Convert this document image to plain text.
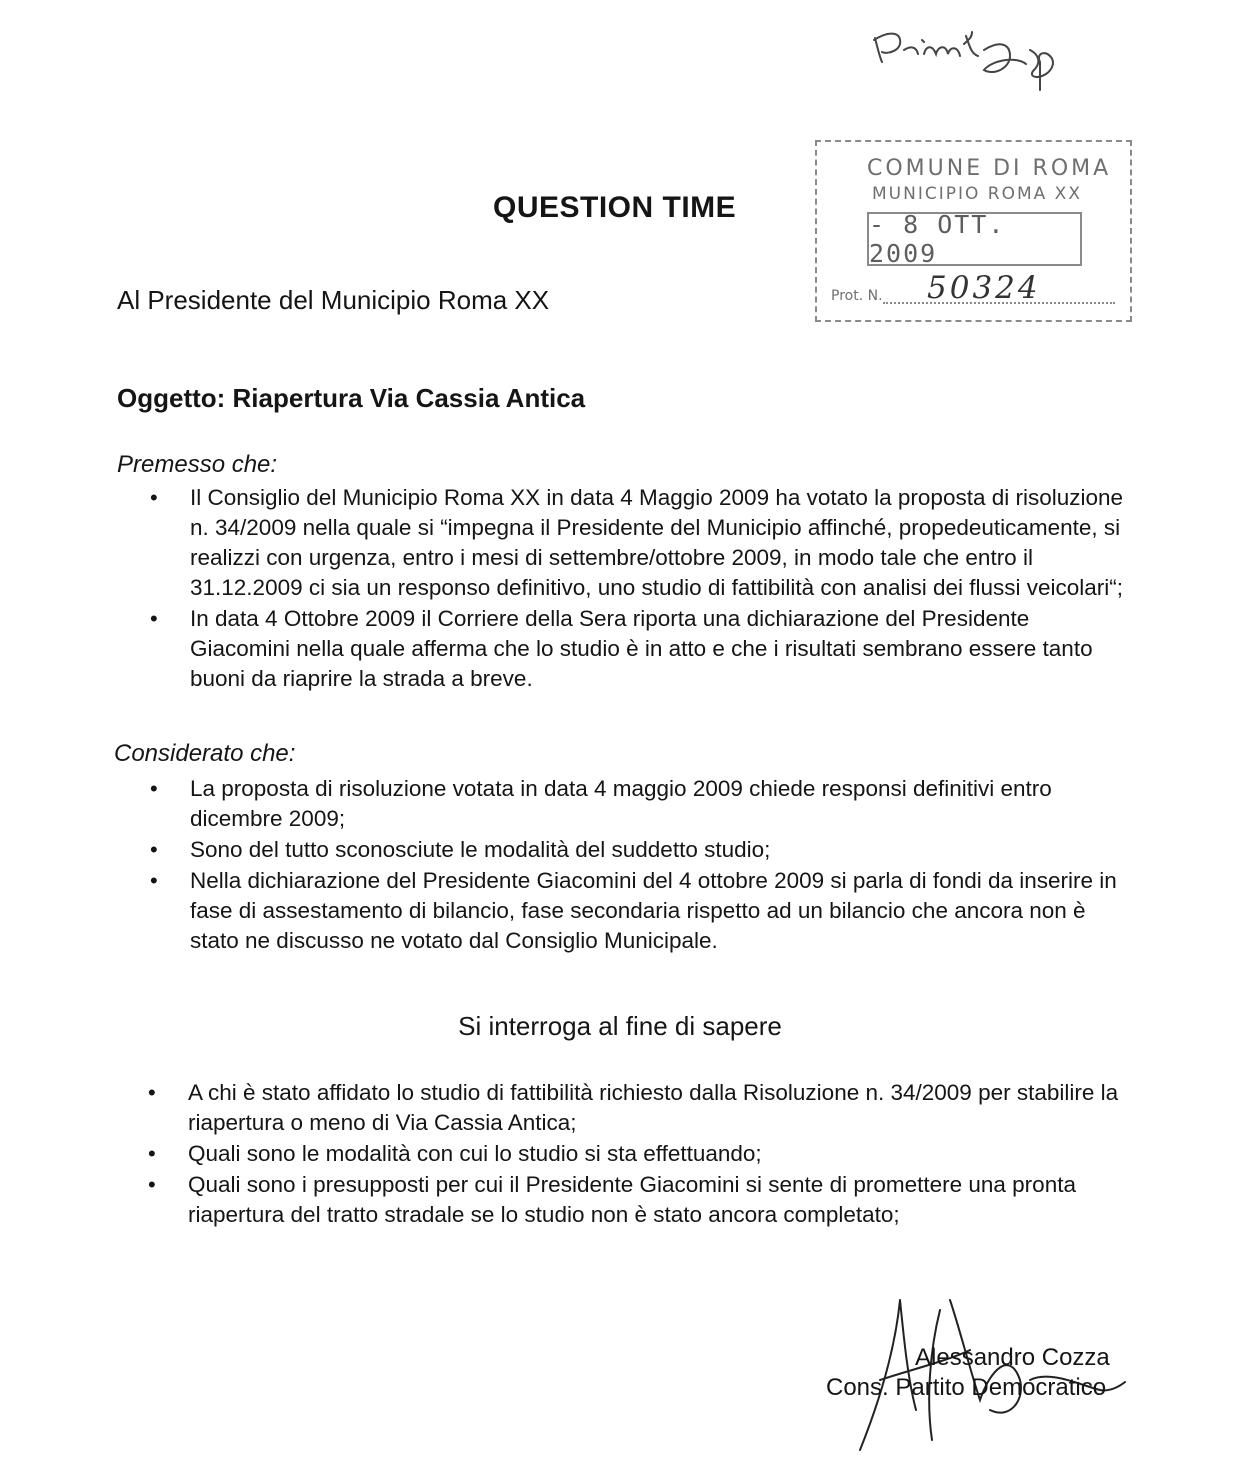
COMUNE DI ROMA
MUNICIPIO ROMA XX
- 8 OTT. 2009
Prot. N. 50324
QUESTION TIME
Al Presidente del Municipio Roma XX
Oggetto: Riapertura Via Cassia Antica
Premesso che:
• Il Consiglio del Municipio Roma XX in data 4 Maggio 2009 ha votato la proposta di risoluzione n. 34/2009 nella quale si “impegna il Presidente del Municipio affinché, propedeuticamente, si realizzi con urgenza, entro i mesi di settembre/ottobre 2009, in modo tale che entro il 31.12.2009 ci sia un responso definitivo, uno studio di fattibilità con analisi dei flussi veicolari“;
• In data 4 Ottobre 2009 il Corriere della Sera riporta una dichiarazione del Presidente Giacomini nella quale afferma che lo studio è in atto e che i risultati sembrano essere tanto buoni da riaprire la strada a breve.
Considerato che:
• La proposta di risoluzione votata in data 4 maggio 2009 chiede responsi definitivi entro dicembre 2009;
• Sono del tutto sconosciute le modalità del suddetto studio;
• Nella dichiarazione del Presidente Giacomini del 4 ottobre 2009 si parla di fondi da inserire in fase di assestamento di bilancio, fase secondaria rispetto ad un bilancio che ancora non è stato ne discusso ne votato dal Consiglio Municipale.
Si interroga al fine di sapere
• A chi è stato affidato lo studio di fattibilità richiesto dalla Risoluzione n. 34/2009 per stabilire la riapertura o meno di Via Cassia Antica;
• Quali sono le modalità con cui lo studio si sta effettuando;
• Quali sono i presupposti per cui il Presidente Giacomini si sente di promettere una pronta riapertura del tratto stradale se lo studio non è stato ancora completato;
Alessandro Cozza
Cons. Partito Democratico
